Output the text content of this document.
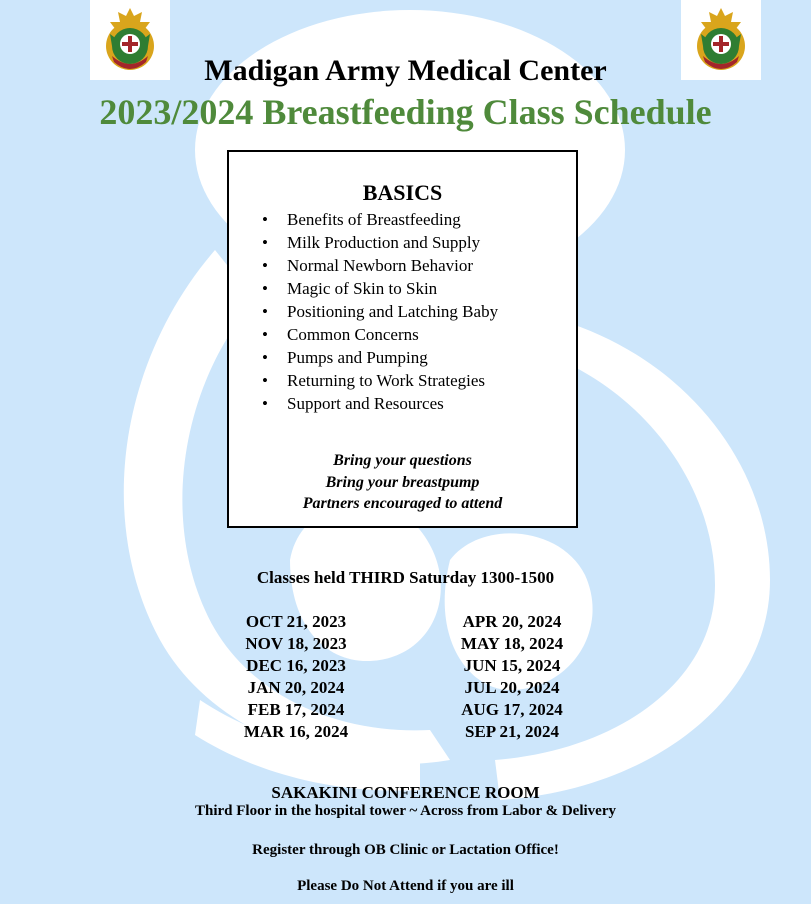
Madigan Army Medical Center
2023/2024 Breastfeeding Class Schedule
BASICS
• Benefits of Breastfeeding
• Milk Production and Supply
• Normal Newborn Behavior
• Magic of Skin to Skin
• Positioning and Latching Baby
• Common Concerns
• Pumps and Pumping
• Returning to Work Strategies
• Support and Resources
Bring your questions
Bring your breastpump
Partners encouraged to attend
Classes held THIRD Saturday 1300-1500
OCT 21, 2023
NOV 18, 2023
DEC 16, 2023
JAN 20, 2024
FEB 17, 2024
MAR 16, 2024
APR 20, 2024
MAY 18, 2024
JUN 15, 2024
JUL 20, 2024
AUG 17, 2024
SEP 21, 2024
SAKAKINI CONFERENCE ROOM
Third Floor in the hospital tower ~ Across from Labor & Delivery
Register through OB Clinic or Lactation Office!
Please Do Not Attend if you are ill
